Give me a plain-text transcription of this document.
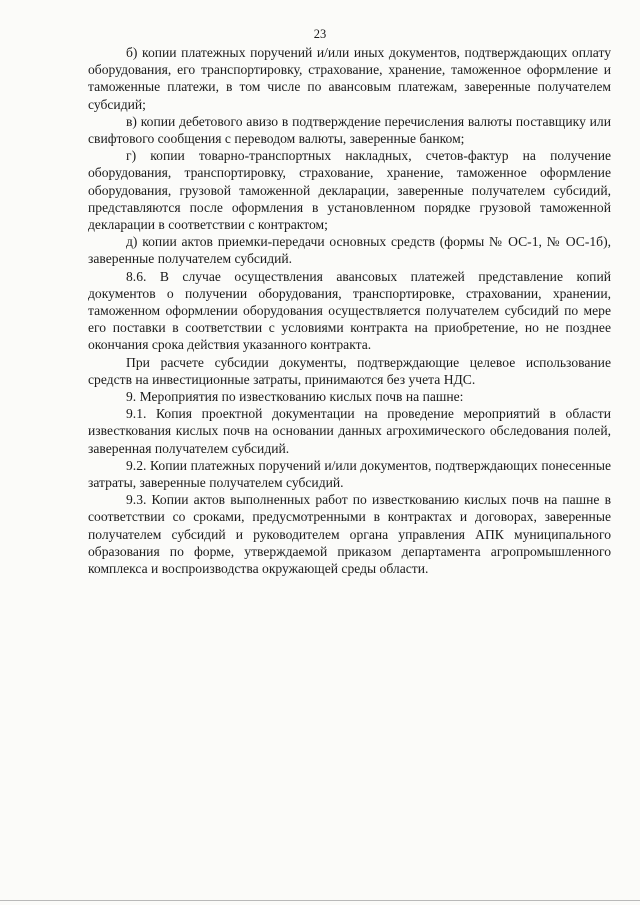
23

б) копии платежных поручений и/или иных документов, подтверждающих оплату оборудования, его транспортировку, страхование, хранение, таможенное оформление и таможенные платежи, в том числе по авансовым платежам, заверенные получателем субсидий;

в) копии дебетового авизо в подтверждение перечисления валюты поставщику или свифтового сообщения с переводом валюты, заверенные банком;

г) копии товарно-транспортных накладных, счетов-фактур на получение оборудования, транспортировку, страхование, хранение, таможенное оформление оборудования, грузовой таможенной декларации, заверенные получателем субсидий, представляются после оформления в установленном порядке грузовой таможенной декларации в соответствии с контрактом;

д) копии актов приемки-передачи основных средств (формы № ОС-1, № ОС-1б), заверенные получателем субсидий.

8.6. В случае осуществления авансовых платежей представление копий документов о получении оборудования, транспортировке, страховании, хранении, таможенном оформлении оборудования осуществляется получателем субсидий по мере его поставки в соответствии с условиями контракта на приобретение, но не позднее окончания срока действия указанного контракта.

При расчете субсидии документы, подтверждающие целевое использование средств на инвестиционные затраты, принимаются без учета НДС.

9. Мероприятия по известкованию кислых почв на пашне:

9.1. Копия проектной документации на проведение мероприятий в области известкования кислых почв на основании данных агрохимического обследования полей, заверенная получателем субсидий.

9.2. Копии платежных поручений и/или документов, подтверждающих понесенные затраты, заверенные получателем субсидий.

9.3. Копии актов выполненных работ по известкованию кислых почв на пашне в соответствии со сроками, предусмотренными в контрактах и договорах, заверенные получателем субсидий и руководителем органа управления АПК муниципального образования по форме, утверждаемой приказом департамента агропромышленного комплекса и воспроизводства окружающей среды области.
